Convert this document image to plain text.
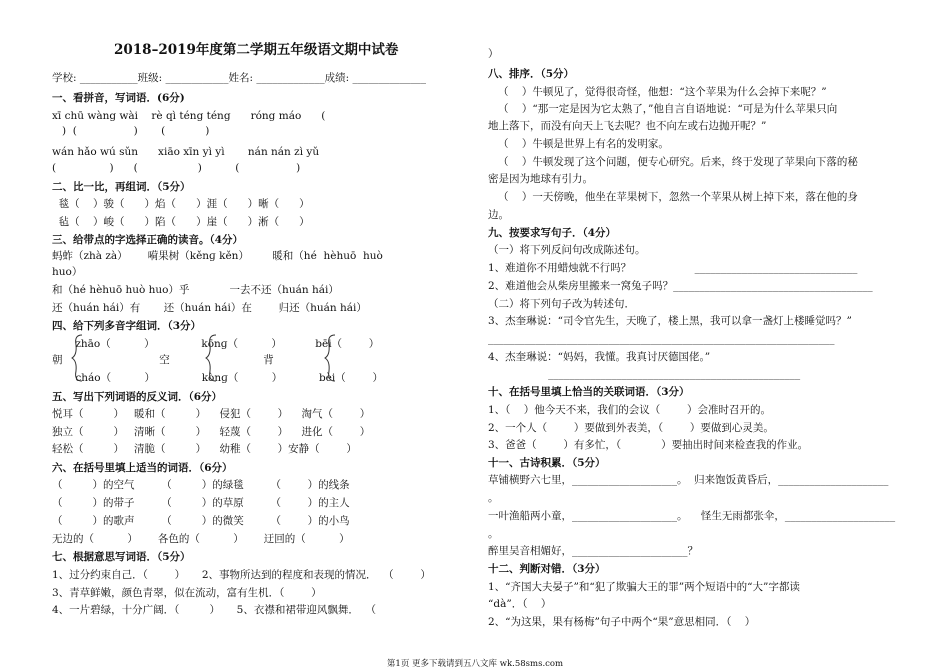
2018–2019年度第二学期五年级语文期中试卷
学校: ___________班级: ____________姓名: _____________成绩: ______________
一、看拼音，写词语．(6分)
xī chū wàng wài    rè qì téng téng      róng máo      (
)  (                 )       (            )
wán hǎo wú sǔn      xiāo xīn yì yì       nán nán zì yǔ
(                )      (                  )          (                 )
二、比一比，再组词．（5分）
毯（    ）骏（      ）焰（      ）涯（      ）晰（      ）
毡（    ）峻（      ）陷（      ）崖（      ）淅（      ）
三、给带点的字选择正确的读音。（4分）
蚂蚱（zhà zà）      嗬果树（kěnɡ kěn）       暖和（hé  hèhuō  huò
huo）
和（hé hèhuō huò huo）乎            一去不还（huán hái）
还（huán hái）有       还（huán hái）在        归还（huán hái）
四、给下列多音字组词．（3分）
zhāo（          ）              kōnɡ（          ）          bēi（        ）
朝                             空                            背
cháo（          ）              kònɡ（          ）           bèi（        ）
五、写出下列词语的反义词．（6分）
悦耳（         ）   暖和（         ）    侵犯（        ）    淘气（        ）
独立（         ）   清晰（         ）    轻蔑（        ）    进化（        ）
轻松（         ）   清脆（         ）    幼稚（        ）安静（        ）
六、在括号里填上适当的词语．（6分）
（         ）的空气        （         ）的绿毯        （        ）的线条
（         ）的带子        （         ）的草原        （        ）的主人
（         ）的歌声        （         ）的微笑        （        ）的小鸟
无边的（          ）      各色的（          ）      迂回的（          ）
七、根据意思写词语．（5分）
1、过分约束自己．（        ）     2、事物所达到的程度和表现的情况．  （        ）
3、青草鲜嫩，颜色青翠，似在流动，富有生机．（        ）
4、一片碧绿，十分广阔．（         ）     5、衣襟和裙带迎风飘舞．  （
）
八、排序．（5分）
（    ）牛顿见了，觉得很奇怪，他想：“这个苹果为什么会掉下来呢？”
（    ）“那一定是因为它太熟了，”他自言自语地说：“可是为什么苹果只向
地上落下，而没有向天上飞去呢？也不向左或右边抛开呢？”
（    ）牛顿是世界上有名的发明家。
（    ）牛顿发现了这个问题，便专心研究。后来，终于发现了苹果向下落的秘
密是因为地球有引力。
（    ）一天傍晚，他坐在苹果树下，忽然一个苹果从树上掉下来，落在他的身
边。
九、按要求写句子．（4分）
（一）将下列反问句改成陈述句。
1、难道你不用蜡烛就不行吗？                   _______________________________
2、难道他会从柴房里搬来一窝兔子吗？______________________________________
（二）将下列句子改为转述句．
3、杰奎琳说：“司令官先生，天晚了，楼上黑，我可以拿一盏灯上楼睡觉吗？”
__________________________________________________________________
4、杰奎琳说：“妈妈，我懂。我真讨厌德国佬。”
________________________________________________
十、在括号里填上恰当的关联词语．（3分）
1、（    ）他今天不来，我们的会议（        ）会准时召开的。
2、一个人（        ）要做到外表美，（        ）要做到心灵美。
3、爸爸（        ）有多忙，（            ）要抽出时间来检查我的作业。
十一、古诗积累．（5分）
草铺横野六七里，____________________。  归来饱饭黄昏后，_____________________
。
一叶渔船两小童，____________________。    怪生无雨都张伞，_____________________
。
醉里吴音相媚好，______________________？
十二、判断对错．（3分）
1、“齐国大夫晏子”和“犯了欺骗大王的罪”两个短语中的“大”字都读
“dà”．（    ）
2、“为这果，果有杨梅”句子中两个“果”意思相同．（    ）
第1页 更多下载请到五八文库 wk.58sms.com
